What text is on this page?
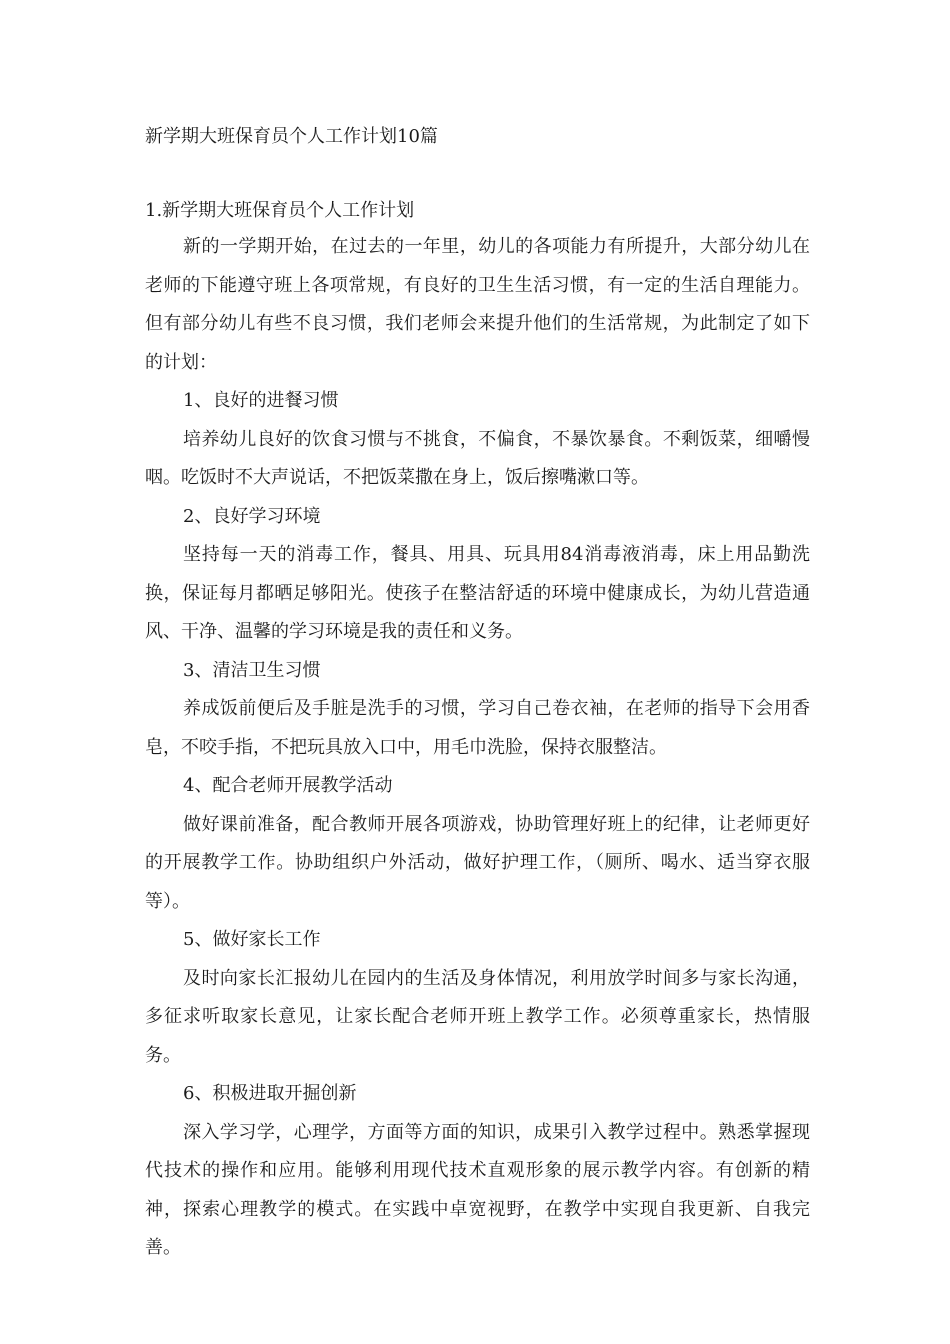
新学期大班保育员个人工作计划10篇

1.新学期大班保育员个人工作计划

新的一学期开始，在过去的一年里，幼儿的各项能力有所提升，大部分幼儿在老师的下能遵守班上各项常规，有良好的卫生生活习惯，有一定的生活自理能力。但有部分幼儿有些不良习惯，我们老师会来提升他们的生活常规，为此制定了如下的计划：

1、良好的进餐习惯

培养幼儿良好的饮食习惯与不挑食，不偏食，不暴饮暴食。不剩饭菜，细嚼慢咽。吃饭时不大声说话，不把饭菜撒在身上，饭后擦嘴漱口等。

2、良好学习环境

坚持每一天的消毒工作，餐具、用具、玩具用84消毒液消毒，床上用品勤洗换，保证每月都晒足够阳光。使孩子在整洁舒适的环境中健康成长，为幼儿营造通风、干净、温馨的学习环境是我的责任和义务。

3、清洁卫生习惯

养成饭前便后及手脏是洗手的习惯，学习自己卷衣袖，在老师的指导下会用香皂，不咬手指，不把玩具放入口中，用毛巾洗脸，保持衣服整洁。

4、配合老师开展教学活动

做好课前准备，配合教师开展各项游戏，协助管理好班上的纪律，让老师更好的开展教学工作。协助组织户外活动，做好护理工作，（厕所、喝水、适当穿衣服等）。

5、做好家长工作

及时向家长汇报幼儿在园内的生活及身体情况，利用放学时间多与家长沟通，多征求听取家长意见，让家长配合老师开班上教学工作。必须尊重家长，热情服务。

6、积极进取开掘创新

深入学习学，心理学，方面等方面的知识，成果引入教学过程中。熟悉掌握现代技术的操作和应用。能够利用现代技术直观形象的展示教学内容。有创新的精神，探索心理教学的模式。在实践中卓宽视野，在教学中实现自我更新、自我完善。
